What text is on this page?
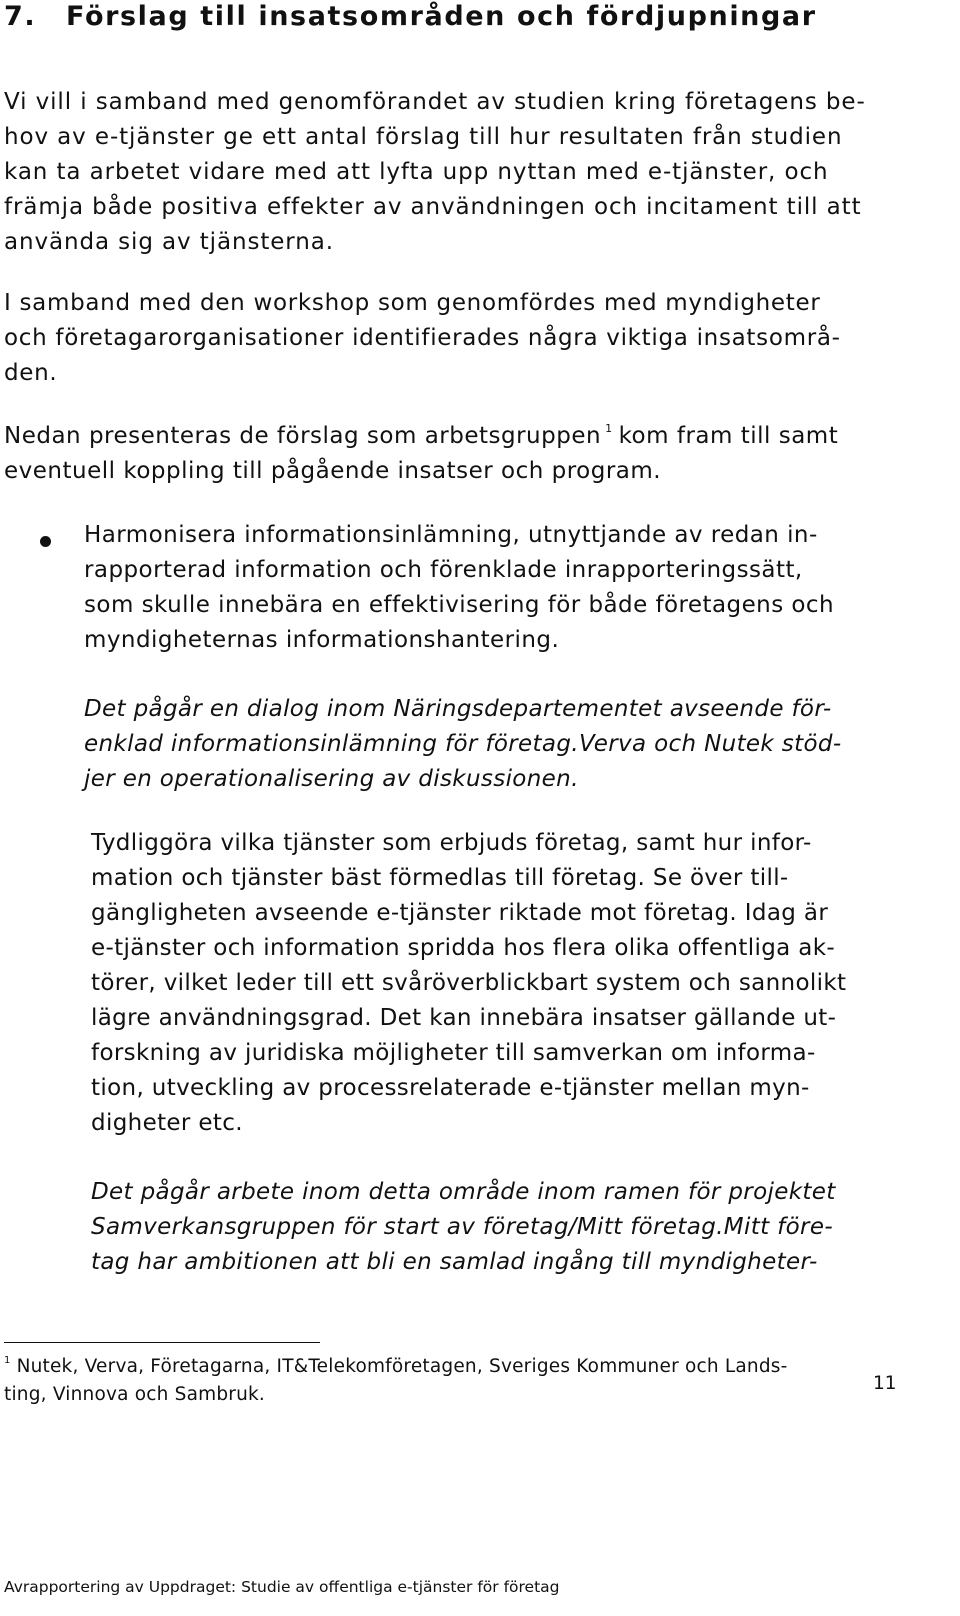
7. Förslag till insatsområden och fördjupningar

Vi vill i samband med genomförandet av studien kring företagens be-
hov av e-tjänster ge ett antal förslag till hur resultaten från studien
kan ta arbetet vidare med att lyfta upp nyttan med e-tjänster, och
främja både positiva effekter av användningen och incitament till att
använda sig av tjänsterna.

I samband med den workshop som genomfördes med myndigheter
och företagarorganisationer identifierades några viktiga insatsområ-
den.

Nedan presenteras de förslag som arbetsgruppen $^1$ kom fram till samt
eventuell koppling till pågående insatser och program.

Harmonisera informationsinlämning, utnyttjande av redan in-
rapporterad information och förenklade inrapporteringssätt,
som skulle innebära en effektivisering för både företagens och
myndigheternas informationshantering.

Det pågår en dialog inom Näringsdepartementet avseende för-
enklad informationsinlämning för företag.Verva och Nutek stöd-
jer en operationalisering av diskussionen.

Tydliggöra vilka tjänster som erbjuds företag, samt hur infor-
mation och tjänster bäst förmedlas till företag. Se över till-
gängligheten avseende e-tjänster riktade mot företag. Idag är
e-tjänster och information spridda hos flera olika offentliga ak-
törer, vilket leder till ett svåröverblickbart system och sannolikt
lägre användningsgrad. Det kan innebära insatser gällande ut-
forskning av juridiska möjligheter till samverkan om informa-
tion, utveckling av processrelaterade e-tjänster mellan myn-
digheter etc.

Det pågår arbete inom detta område inom ramen för projektet
Samverkansgruppen för start av företag/Mitt företag.Mitt före-
tag har ambitionen att bli en samlad ingång till myndigheter-

$^1$ Nutek, Verva, Företagarna, IT&Telekomföretagen, Sveriges Kommuner och Lands-
ting, Vinnova och Sambruk.

11

Avrapportering av Uppdraget: Studie av offentliga e-tjänster för företag
